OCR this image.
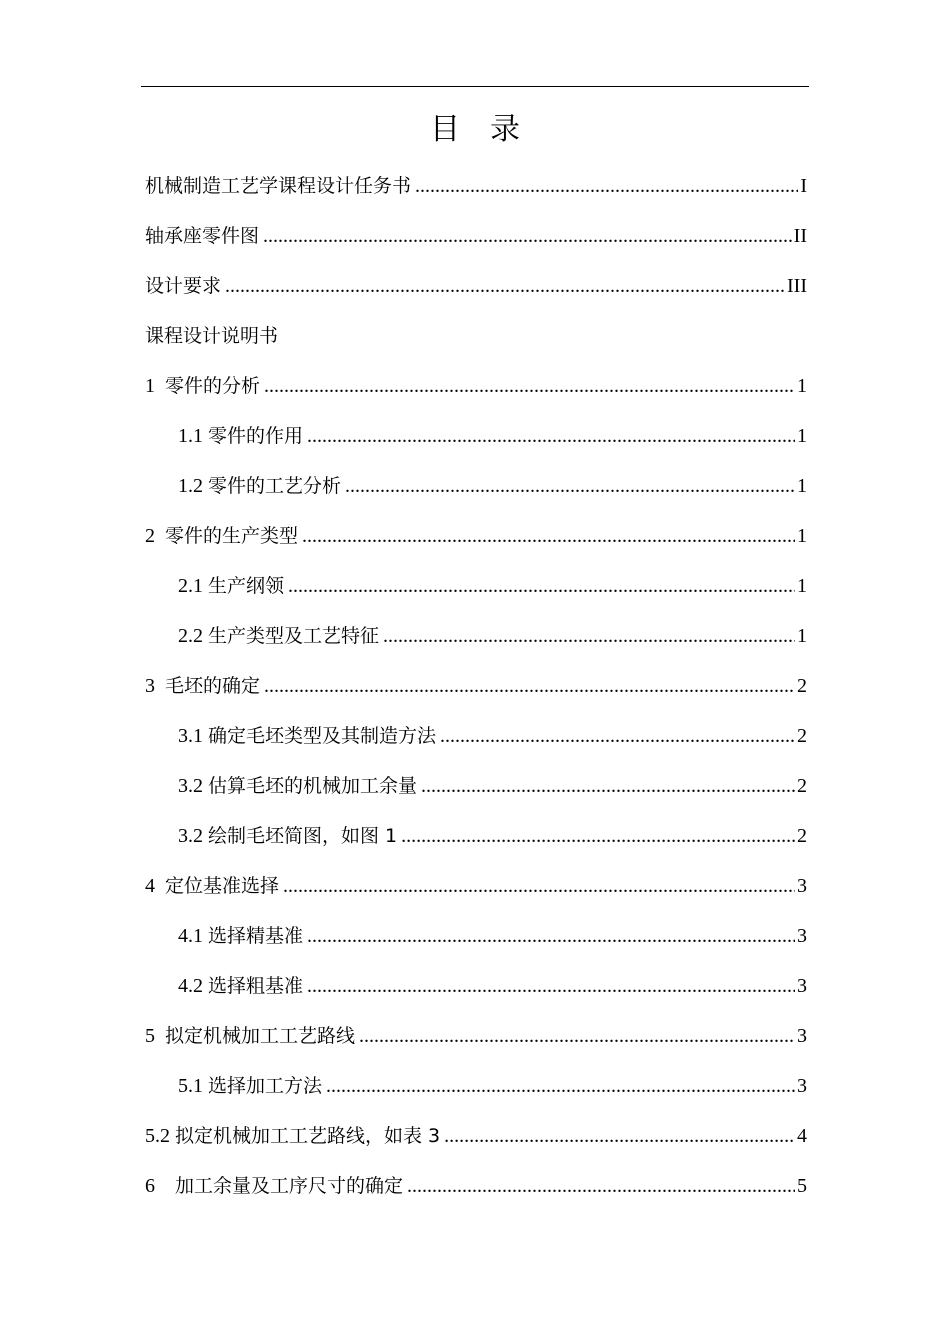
目　录
机械制造工艺学课程设计任务书 .....	I
轴承座零件图 .....	II
设计要求 .....	III
课程设计说明书
1  零件的分析 .....	1
1.1 零件的作用 .....	1
1.2 零件的工艺分析 .....	1
2  零件的生产类型 .....	1
2.1 生产纲领 .....	1
2.2 生产类型及工艺特征 .....	1
3  毛坯的确定 .....	2
3.1 确定毛坯类型及其制造方法 .....	2
3.2 估算毛坯的机械加工余量 .....	2
3.2 绘制毛坯简图，如图 1 .....	2
4  定位基准选择 .....	3
4.1 选择精基准 .....	3
4.2 选择粗基准 .....	3
5  拟定机械加工工艺路线 .....	3
5.1 选择加工方法 .....	3
5.2 拟定机械加工工艺路线，如表 3 .....	4
6    加工余量及工序尺寸的确定 .....	5
